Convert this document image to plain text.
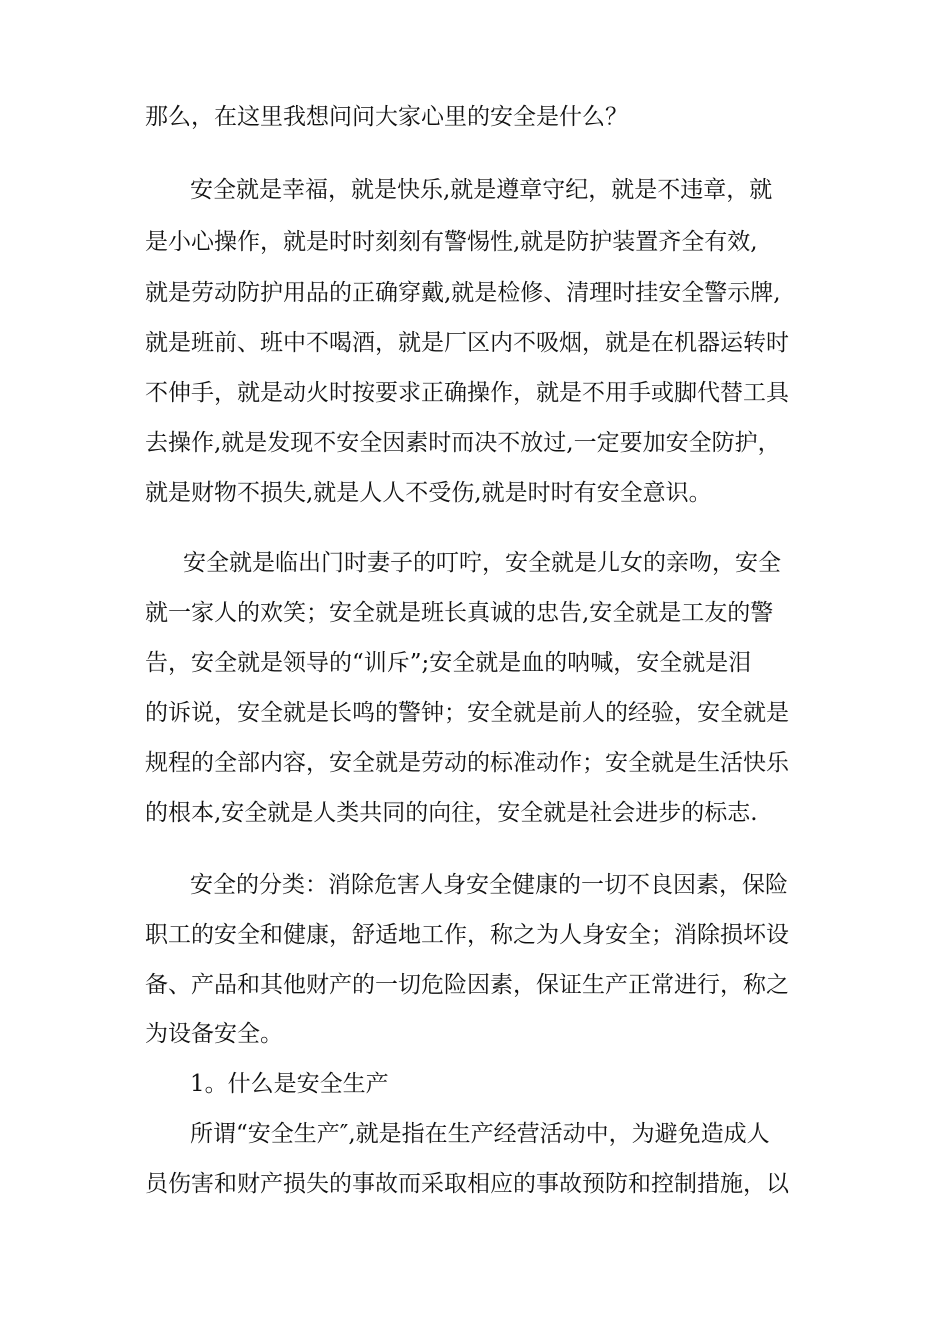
那么，在这里我想问问大家心里的安全是什么？
安全就是幸福，就是快乐,就是遵章守纪，就是不违章，就
是小心操作，就是时时刻刻有警惕性,就是防护装置齐全有效,
就是劳动防护用品的正确穿戴,就是检修、清理时挂安全警示牌,
就是班前、班中不喝酒，就是厂区内不吸烟，就是在机器运转时
不伸手，就是动火时按要求正确操作，就是不用手或脚代替工具
去操作,就是发现不安全因素时而决不放过,一定要加安全防护，
就是财物不损失,就是人人不受伤,就是时时有安全意识。
安全就是临出门时妻子的叮咛，安全就是儿女的亲吻，安全
就一家人的欢笑；安全就是班长真诚的忠告,安全就是工友的警
告，安全就是领导的“训斥”;安全就是血的呐喊，安全就是泪
的诉说，安全就是长鸣的警钟；安全就是前人的经验，安全就是
规程的全部内容，安全就是劳动的标准动作；安全就是生活快乐
的根本,安全就是人类共同的向往，安全就是社会进步的标志.
安全的分类：消除危害人身安全健康的一切不良因素，保险
职工的安全和健康，舒适地工作，称之为人身安全；消除损坏设
备、产品和其他财产的一切危险因素，保证生产正常进行，称之
为设备安全。
1。什么是安全生产
所谓“安全生产″,就是指在生产经营活动中，为避免造成人
员伤害和财产损失的事故而采取相应的事故预防和控制措施，以
